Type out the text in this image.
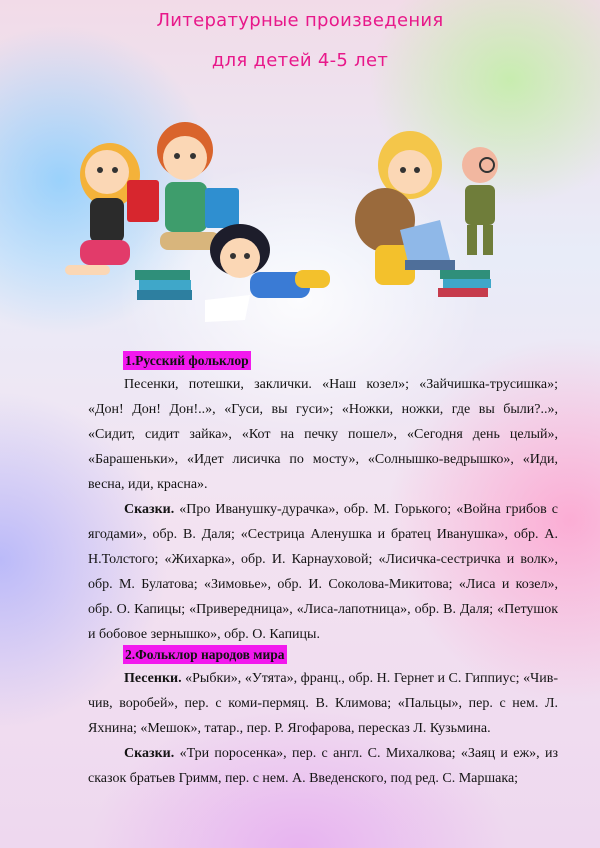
Литературные произведения
для детей 4-5 лет
1.Русский фольклор

Песенки, потешки, заклички. «Наш козел»; «Зайчишка-трусишка»; «Дон! Дон! Дон!..», «Гуси, вы гуси»; «Ножки, ножки, где вы были?..», «Сидит, сидит зайка», «Кот на печку пошел», «Сегодня день целый», «Барашеньки», «Идет лисичка по мосту», «Солнышко-ведрышко», «Иди, весна, иди, красна».

Сказки. «Про Иванушку-дурачка», обр. М. Горького; «Война грибов с ягодами», обр. В. Даля; «Сестрица Аленушка и братец Иванушка», обр. А. Н.Толстого; «Жихарка», обр. И. Карнауховой; «Лисичка-сестричка и волк», обр. М. Булатова; «Зимовье», обр. И. Соколова-Микитова; «Лиса и козел», обр. О. Капицы; «Привередница», «Лиса-лапотница», обр. В. Даля; «Петушок и бобовое зернышко», обр. О. Капицы.

2.Фольклор народов мира

Песенки. «Рыбки», «Утята», франц., обр. Н. Гернет и С. Гиппиус; «Чив-чив, воробей», пер. с коми-пермяц. В. Климова; «Пальцы», пер. с нем. Л. Яхнина; «Мешок», татар., пер. Р. Ягофарова, пересказ Л. Кузьмина.

Сказки. «Три поросенка», пер. с англ. С. Михалкова; «Заяц и еж», из сказок братьев Гримм, пер. с нем. А. Введенского, под ред. С. Маршака;
